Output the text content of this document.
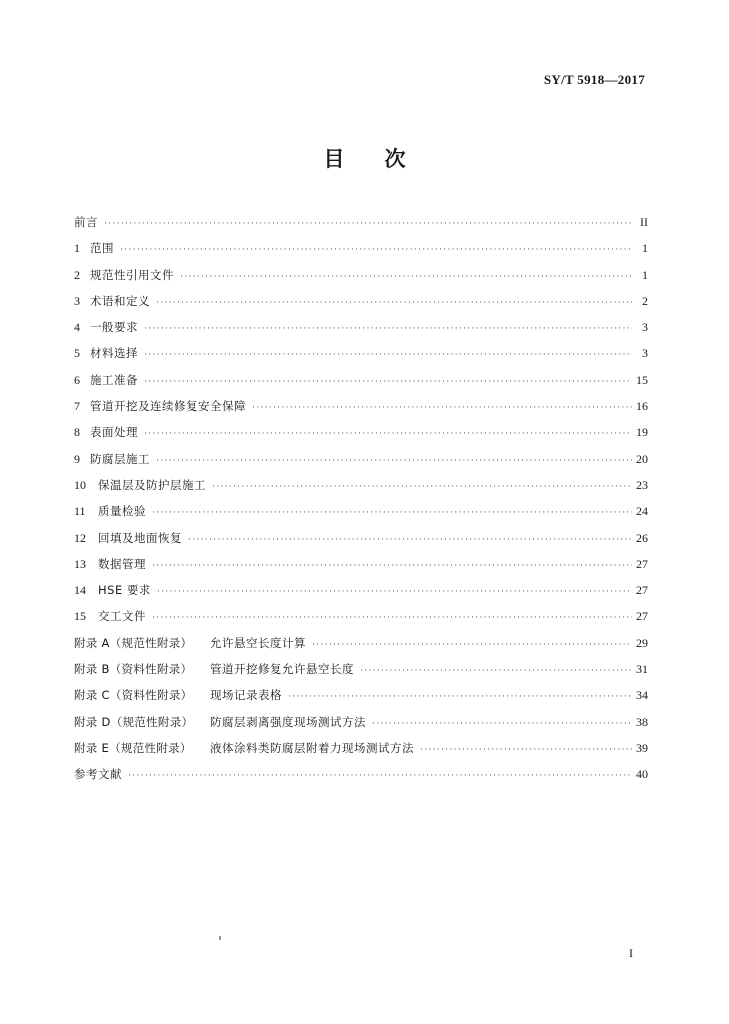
SY/T 5918—2017
目 次
前言 ·····	II
1 范围 ·····	1
2 规范性引用文件 ·····	1
3 术语和定义 ·····	2
4 一般要求 ·····	3
5 材料选择 ·····	3
6 施工准备 ·····	15
7 管道开挖及连续修复安全保障 ·····	16
8 表面处理 ·····	19
9 防腐层施工 ·····	20
10	保温层及防护层施工 ·····	23
11	质量检验 ·····	24
12	回填及地面恢复 ·····	26
13	数据管理 ·····	27
14	HSE 要求 ·····	27
15	交工文件 ·····	27
附录 A（规范性附录）	允许悬空长度计算 ·····	29
附录 B（资料性附录）	管道开挖修复允许悬空长度 ·····	31
附录 C（资料性附录）	现场记录表格 ·····	34
附录 D（规范性附录）	防腐层剥离强度现场测试方法 ·····	38
附录 E（规范性附录）	液体涂料类防腐层附着力现场测试方法 ·····	39
参考文献 ·····	40
I
